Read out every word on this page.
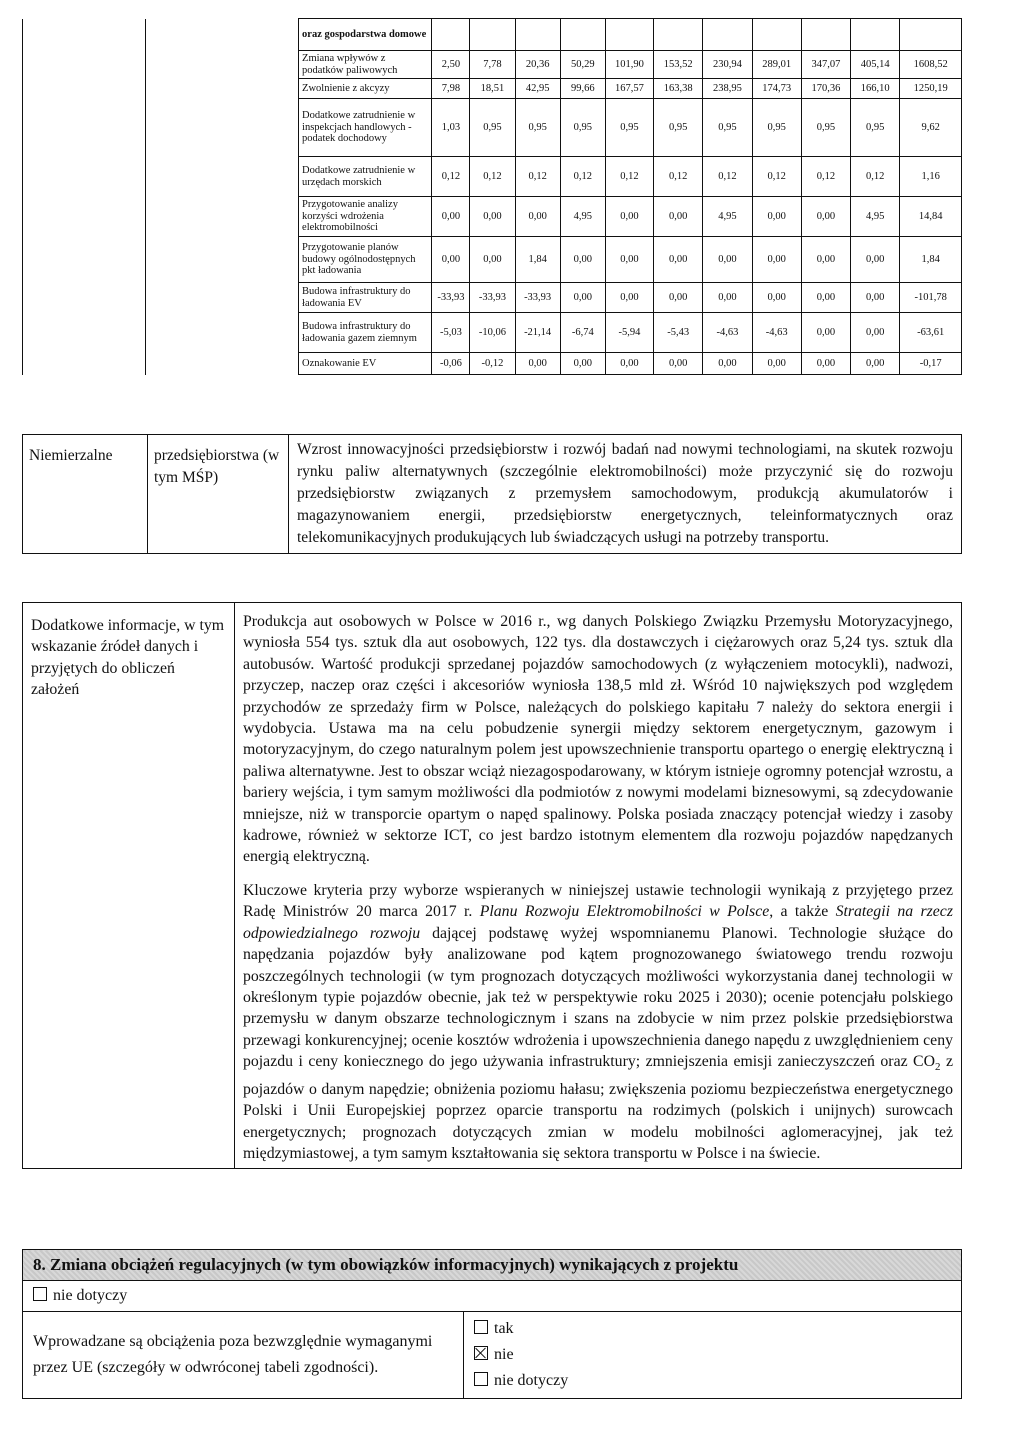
		oraz gospodarstwa domowe											
		Zmiana wpływów z podatków paliwowych	2,50	7,78	20,36	50,29	101,90	153,52	230,94	289,01	347,07	405,14	1608,52
		Zwolnienie z akcyzy	7,98	18,51	42,95	99,66	167,57	163,38	238,95	174,73	170,36	166,10	1250,19
		Dodatkowe zatrudnienie w inspekcjach handlowych - podatek dochodowy	1,03	0,95	0,95	0,95	0,95	0,95	0,95	0,95	0,95	0,95	9,62
		Dodatkowe zatrudnienie w urzędach morskich	0,12	0,12	0,12	0,12	0,12	0,12	0,12	0,12	0,12	0,12	1,16
		Przygotowanie analizy korzyści wdrożenia elektromobilności	0,00	0,00	0,00	4,95	0,00	0,00	4,95	0,00	0,00	4,95	14,84
		Przygotowanie planów budowy ogólnodostępnych pkt ładowania	0,00	0,00	1,84	0,00	0,00	0,00	0,00	0,00	0,00	0,00	1,84
		Budowa infrastruktury do ładowania EV	-33,93	-33,93	-33,93	0,00	0,00	0,00	0,00	0,00	0,00	0,00	-101,78
		Budowa infrastruktury do ładowania gazem ziemnym	-5,03	-10,06	-21,14	-6,74	-5,94	-5,43	-4,63	-4,63	0,00	0,00	-63,61
		Oznakowanie EV	-0,06	-0,12	0,00	0,00	0,00	0,00	0,00	0,00	0,00	0,00	-0,17
Niemierzalne	przedsiębiorstwa (w tym MŚP)	Wzrost innowacyjności przedsiębiorstw i rozwój badań nad nowymi technologiami, na skutek rozwoju rynku paliw alternatywnych (szczególnie elektromobilności) może przyczynić się do rozwoju przedsiębiorstw związanych z przemysłem samochodowym, produkcją akumulatorów i magazynowaniem energii, przedsiębiorstw energetycznych, teleinformatycznych oraz telekomunikacyjnych produkujących lub świadczących usługi na potrzeby transportu.
Dodatkowe informacje, w tym wskazanie źródeł danych i przyjętych do obliczeń założeń	

Produkcja aut osobowych w Polsce w 2016 r., wg danych Polskiego Związku Przemysłu Motoryzacyjnego, wyniosła 554 tys. sztuk dla aut osobowych, 122 tys. dla dostawczych i ciężarowych oraz 5,24 tys. sztuk dla autobusów. Wartość produkcji sprzedanej pojazdów samochodowych (z wyłączeniem motocykli), nadwozi, przyczep, naczep oraz części i akcesoriów wyniosła 138,5 mld zł. Wśród 10 największych pod względem przychodów ze sprzedaży firm w Polsce, należących do polskiego kapitału 7 należy do sektora energii i wydobycia. Ustawa ma na celu pobudzenie synergii między sektorem energetycznym, gazowym i motoryzacyjnym, do czego naturalnym polem jest upowszechnienie transportu opartego o energię elektryczną i paliwa alternatywne. Jest to obszar wciąż niezagospodarowany, w którym istnieje ogromny potencjał wzrostu, a bariery wejścia, i tym samym możliwości dla podmiotów z nowymi modelami biznesowymi, są zdecydowanie mniejsze, niż w transporcie opartym o napęd spalinowy. Polska posiada znaczący potencjał wiedzy i zasoby kadrowe, również w sektorze ICT, co jest bardzo istotnym elementem dla rozwoju pojazdów napędzanych energią elektryczną.

Kluczowe kryteria przy wyborze wspieranych w niniejszej ustawie technologii wynikają z przyjętego przez Radę Ministrów 20 marca 2017 r. Planu Rozwoju Elektromobilności w Polsce, a także Strategii na rzecz odpowiedzialnego rozwoju dającej podstawę wyżej wspomnianemu Planowi. Technologie służące do napędzania pojazdów były analizowane pod kątem prognozowanego światowego trendu rozwoju poszczególnych technologii (w tym prognozach dotyczących możliwości wykorzystania danej technologii w określonym typie pojazdów obecnie, jak też w perspektywie roku 2025 i 2030); ocenie potencjału polskiego przemysłu w danym obszarze technologicznym i szans na zdobycie w nim przez polskie przedsiębiorstwa przewagi konkurencyjnej; ocenie kosztów wdrożenia i upowszechnienia danego napędu z uwzględnieniem ceny pojazdu i ceny koniecznego do jego używania infrastruktury; zmniejszenia emisji zanieczyszczeń oraz $CO_2$ z pojazdów o danym napędzie; obniżenia poziomu hałasu; zwiększenia poziomu bezpieczeństwa energetycznego Polski i Unii Europejskiej poprzez oparcie transportu na rodzimych (polskich i unijnych) surowcach energetycznych; prognozach dotyczących zmian w modelu mobilności aglomeracyjnej, jak też międzymiastowej, a tym samym kształtowania się sektora transportu w Polsce i na świecie.

8. Zmiana obciążeń regulacyjnych (w tym obowiązków informacyjnych) wynikających z projektu
nie dotyczy
Wprowadzane są obciążenia poza bezwzględnie wymaganymi przez UE (szczegóły w odwróconej tabeli zgodności).	
tak
nie
nie dotyczy
